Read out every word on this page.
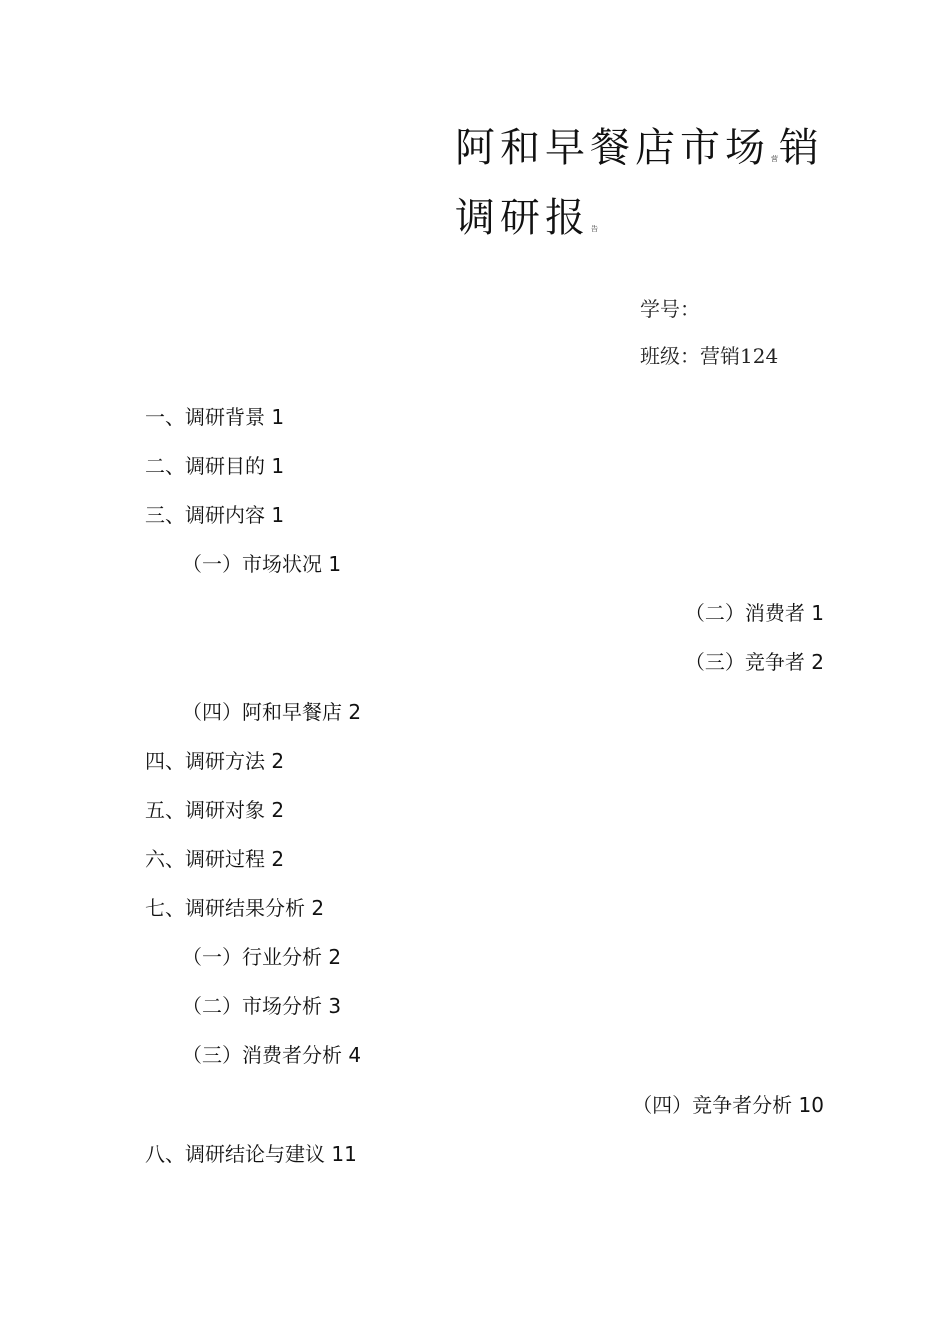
阿和早餐店市场营销
调研报告
学号：
班级：营销124
一、调研背景 1
二、调研目的 1
三、调研内容 1
（一）市场状况 1
（二）消费者 1
（三）竞争者 2
（四）阿和早餐店 2
四、调研方法 2
五、调研对象 2
六、调研过程 2
七、调研结果分析 2
（一）行业分析 2
（二）市场分析 3
（三）消费者分析 4
（四）竞争者分析 10
八、调研结论与建议 11
